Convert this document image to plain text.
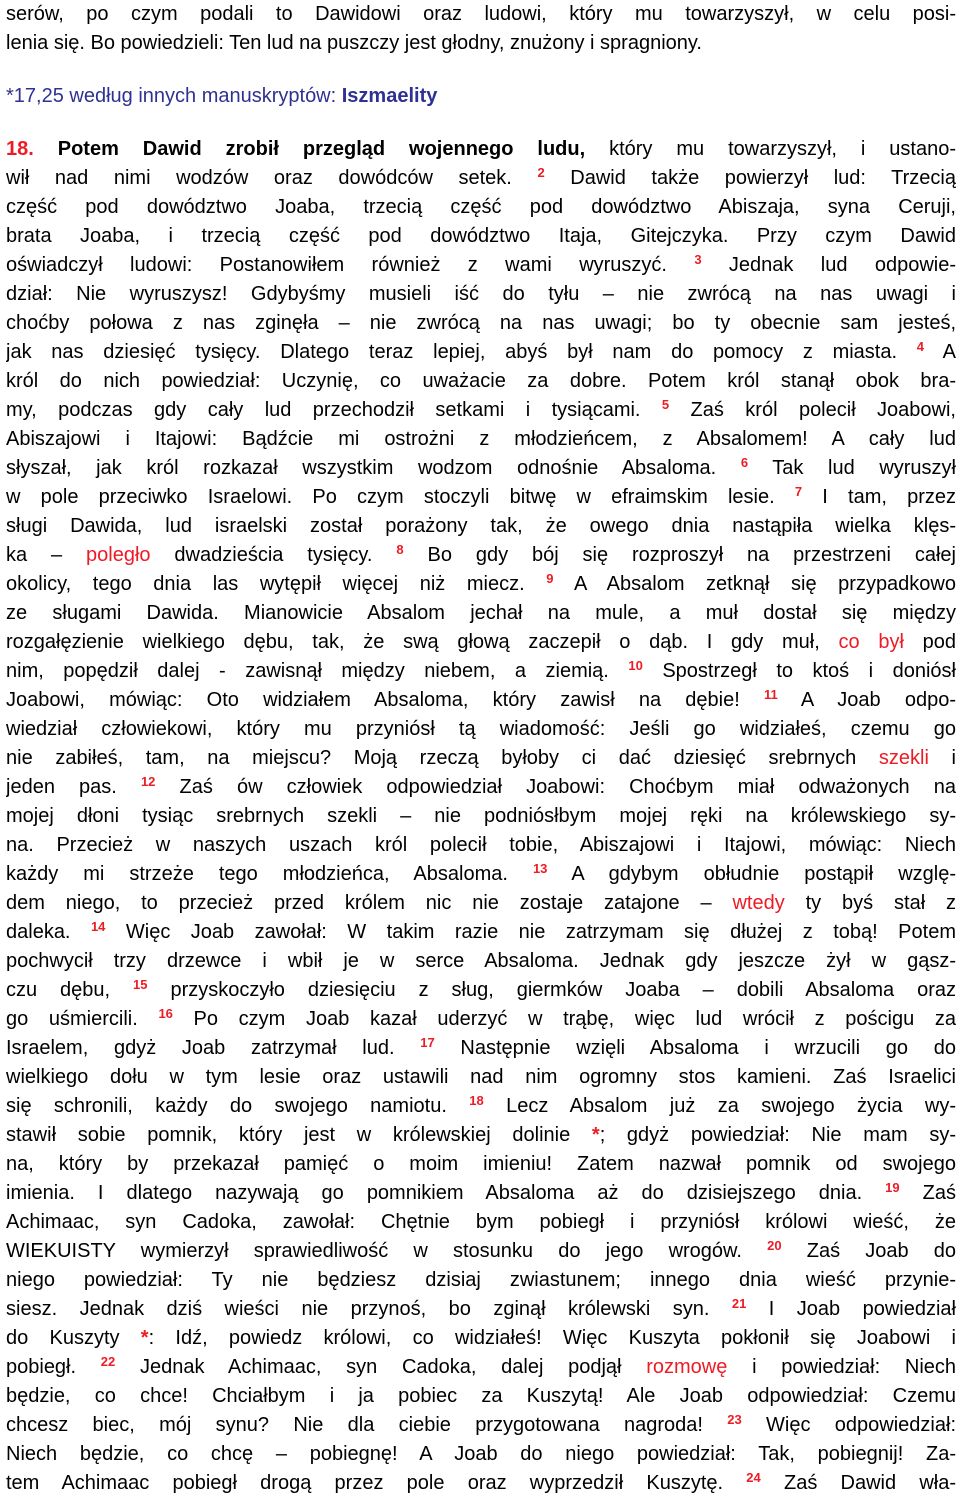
serów, po czym podali to Dawidowi oraz ludowi, który mu towarzyszył, w celu posi-
lenia się. Bo powiedzieli: Ten lud na puszczy jest głodny, znużony i spragniony.
*17,25 według innych manuskryptów: Iszmaelity
18. Potem Dawid zrobił przegląd wojennego ludu, który mu towarzyszył, i ustano-
wił nad nimi wodzów oraz dowódców setek. $^2$ Dawid także powierzył lud: Trzecią
część pod dowództwo Joaba, trzecią część pod dowództwo Abiszaja, syna Ceruji,
brata Joaba, i trzecią część pod dowództwo Itaja, Gitejczyka. Przy czym Dawid
oświadczył ludowi: Postanowiłem również z wami wyruszyć. $^3$ Jednak lud odpowie-
dział: Nie wyruszysz! Gdybyśmy musieli iść do tyłu – nie zwrócą na nas uwagi i
choćby połowa z nas zginęła – nie zwrócą na nas uwagi; bo ty obecnie sam jesteś,
jak nas dziesięć tysięcy. Dlatego teraz lepiej, abyś był nam do pomocy z miasta. $^4$ A
król do nich powiedział: Uczynię, co uważacie za dobre. Potem król stanął obok bra-
my, podczas gdy cały lud przechodził setkami i tysiącami. $^5$ Zaś król polecił Joabowi,
Abiszajowi i Itajowi: Bądźcie mi ostrożni z młodzieńcem, z Absalomem! A cały lud
słyszał, jak król rozkazał wszystkim wodzom odnośnie Absaloma. $^6$ Tak lud wyruszył
w pole przeciwko Israelowi. Po czym stoczyli bitwę w efraimskim lesie. $^7$ I tam, przez
sługi Dawida, lud israelski został porażony tak, że owego dnia nastąpiła wielka klęs-
ka – poległo dwadzieścia tysięcy. $^8$ Bo gdy bój się rozproszył na przestrzeni całej
okolicy, tego dnia las wytępił więcej niż miecz. $^9$ A Absalom zetknął się przypadkowo
ze sługami Dawida. Mianowicie Absalom jechał na mule, a muł dostał się między
rozgałęzienie wielkiego dębu, tak, że swą głową zaczepił o dąb. I gdy muł, co był pod
nim, popędził dalej - zawisnął między niebem, a ziemią. $^{10}$ Spostrzegł to ktoś i doniósł
Joabowi, mówiąc: Oto widziałem Absaloma, który zawisł na dębie! $^{11}$ A Joab odpo-
wiedział człowiekowi, który mu przyniósł tą wiadomość: Jeśli go widziałeś, czemu go
nie zabiłeś, tam, na miejscu? Moją rzeczą byłoby ci dać dziesięć srebrnych szekli i
jeden pas. $^{12}$ Zaś ów człowiek odpowiedział Joabowi: Choćbym miał odważonych na
mojej dłoni tysiąc srebrnych szekli – nie podniósłbym mojej ręki na królewskiego sy-
na. Przecież w naszych uszach król polecił tobie, Abiszajowi i Itajowi, mówiąc: Niech
każdy mi strzeże tego młodzieńca, Absaloma. $^{13}$ A gdybym obłudnie postąpił wzglę-
dem niego, to przecież przed królem nic nie zostaje zatajone – wtedy ty byś stał z
daleka. $^{14}$ Więc Joab zawołał: W takim razie nie zatrzymam się dłużej z tobą! Potem
pochwycił trzy drzewce i wbił je w serce Absaloma. Jednak gdy jeszcze żył w gąsz-
czu dębu, $^{15}$ przyskoczyło dziesięciu z sług, giermków Joaba – dobili Absaloma oraz
go uśmiercili. $^{16}$ Po czym Joab kazał uderzyć w trąbę, więc lud wrócił z pościgu za
Israelem, gdyż Joab zatrzymał lud. $^{17}$ Następnie wzięli Absaloma i wrzucili go do
wielkiego dołu w tym lesie oraz ustawili nad nim ogromny stos kamieni. Zaś Israelici
się schronili, każdy do swojego namiotu. $^{18}$ Lecz Absalom już za swojego życia wy-
stawił sobie pomnik, który jest w królewskiej dolinie *; gdyż powiedział: Nie mam sy-
na, który by przekazał pamięć o moim imieniu! Zatem nazwał pomnik od swojego
imienia. I dlatego nazywają go pomnikiem Absaloma aż do dzisiejszego dnia. $^{19}$ Zaś
Achimaac, syn Cadoka, zawołał: Chętnie bym pobiegł i przyniósł królowi wieść, że
WIEKUISTY wymierzył sprawiedliwość w stosunku do jego wrogów. $^{20}$ Zaś Joab do
niego powiedział: Ty nie będziesz dzisiaj zwiastunem; innego dnia wieść przynie-
siesz. Jednak dziś wieści nie przynoś, bo zginął królewski syn. $^{21}$ I Joab powiedział
do Kuszyty *: Idź, powiedz królowi, co widziałeś! Więc Kuszyta pokłonił się Joabowi i
pobiegł. $^{22}$ Jednak Achimaac, syn Cadoka, dalej podjął rozmowę i powiedział: Niech
będzie, co chce! Chciałbym i ja pobiec za Kuszytą! Ale Joab odpowiedział: Czemu
chcesz biec, mój synu? Nie dla ciebie przygotowana nagroda! $^{23}$ Więc odpowiedział:
Niech będzie, co chcę – pobiegnę! A Joab do niego powiedział: Tak, pobiegnij! Za-
tem Achimaac pobiegł drogą przez pole oraz wyprzedził Kuszytę. $^{24}$ Zaś Dawid wła-
